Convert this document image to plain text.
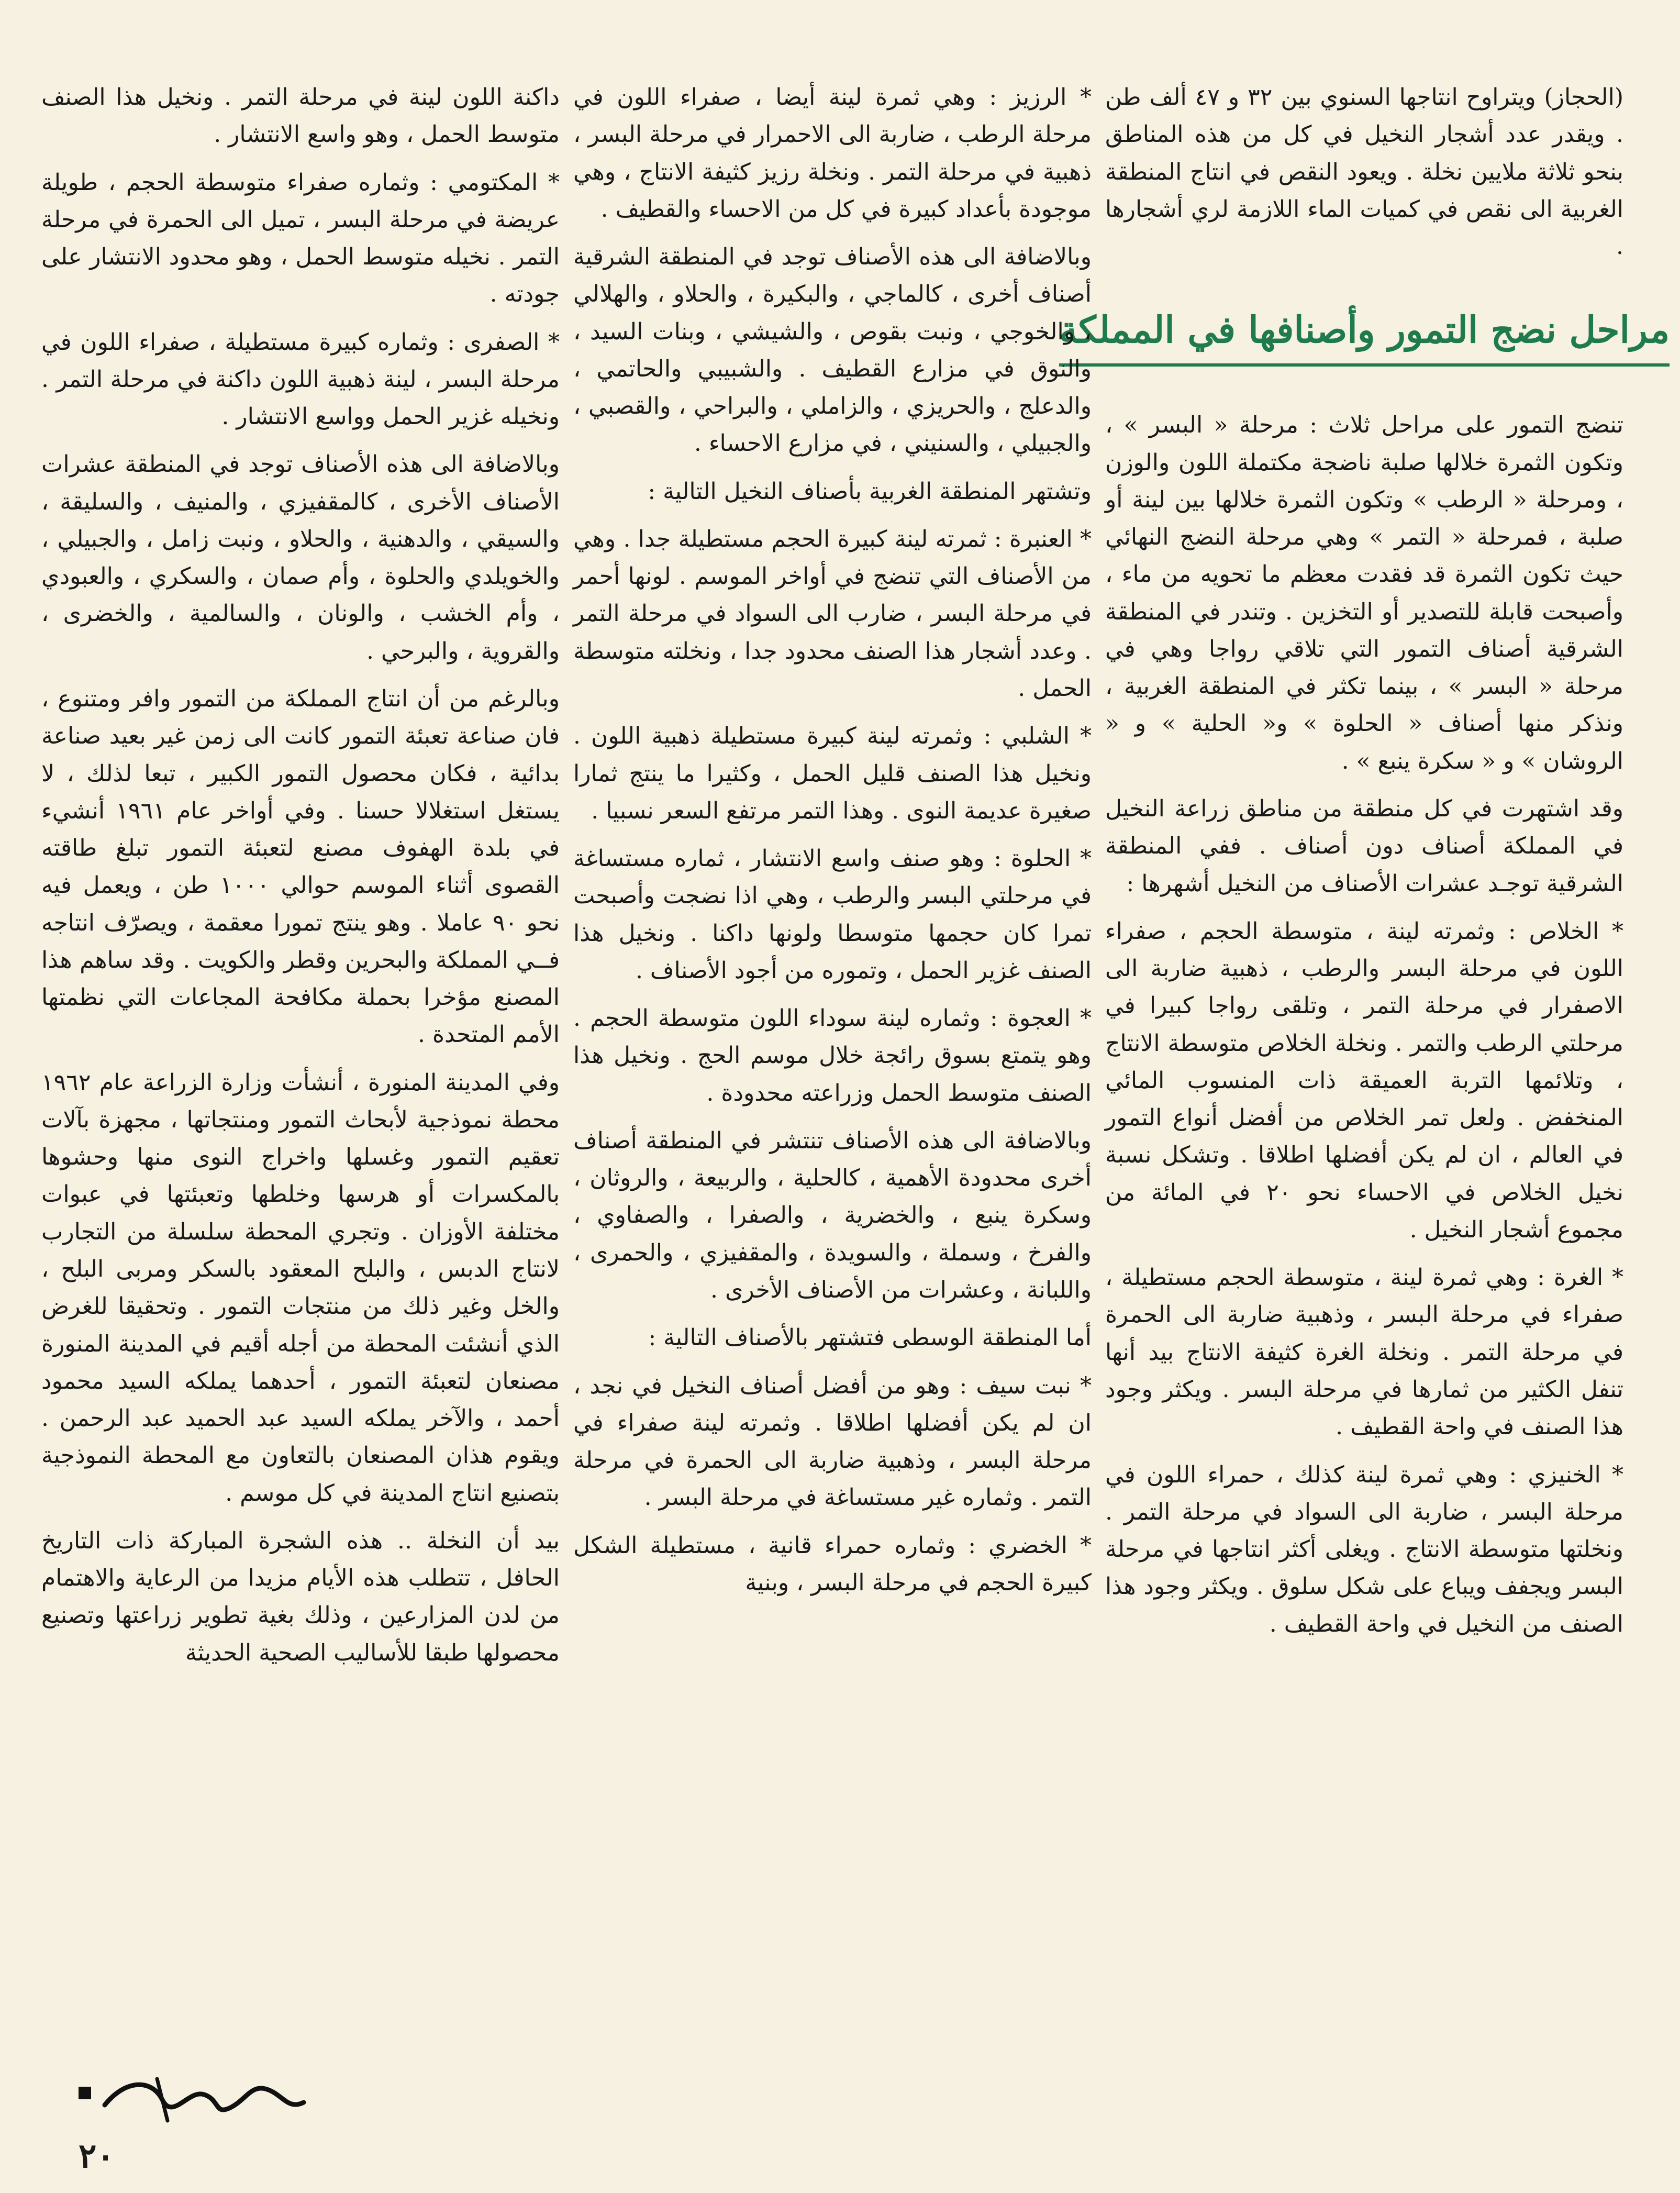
(الحجاز) ويتراوح انتاجها السنوي بين ٣٢ و ٤٧ ألف طن . ويقدر عدد أشجار النخيل في كل من هذه المناطق بنحو ثلاثة ملايين نخلة . ويعود النقص في انتاج المنطقة الغربية الى نقص في كميات الماء اللازمة لري أشجارها .

مراحل نضج التمور وأصنافها في المملكة

تنضج التمور على مراحل ثلاث : مرحلة « البسر » ، وتكون الثمرة خلالها صلبة ناضجة مكتملة اللون والوزن ، ومرحلة « الرطب » وتكون الثمرة خلالها بين لينة أو صلبة ، فمرحلة « التمر » وهي مرحلة النضج النهائي حيث تكون الثمرة قد فقدت معظم ما تحويه من ماء ، وأصبحت قابلة للتصدير أو التخزين . وتندر في المنطقة الشرقية أصناف التمور التي تلاقي رواجا وهي في مرحلة « البسر » ، بينما تكثر في المنطقة الغربية ، ونذكر منها أصناف « الحلوة » و« الحلية » و « الروشان » و « سكرة ينبع » .

وقد اشتهرت في كل منطقة من مناطق زراعة النخيل في المملكة أصناف دون أصناف . ففي المنطقة الشرقية توجـد عشرات الأصناف من النخيل أشهرها :

* الخلاص : وثمرته لينة ، متوسطة الحجم ، صفراء اللون في مرحلة البسر والرطب ، ذهبية ضاربة الى الاصفرار في مرحلة التمر ، وتلقى رواجا كبيرا في مرحلتي الرطب والتمر . ونخلة الخلاص متوسطة الانتاج ، وتلائمها التربة العميقة ذات المنسوب المائي المنخفض . ولعل تمر الخلاص من أفضل أنواع التمور في العالم ، ان لم يكن أفضلها اطلاقا . وتشكل نسبة نخيل الخلاص في الاحساء نحو ٢٠ في المائة من مجموع أشجار النخيل .

* الغرة : وهي ثمرة لينة ، متوسطة الحجم مستطيلة ، صفراء في مرحلة البسر ، وذهبية ضاربة الى الحمرة في مرحلة التمر . ونخلة الغرة كثيفة الانتاج بيد أنها تنفل الكثير من ثمارها في مرحلة البسر . ويكثر وجود هذا الصنف في واحة القطيف .

* الخنيزي : وهي ثمرة لينة كذلك ، حمراء اللون في مرحلة البسر ، ضاربة الى السواد في مرحلة التمر . ونخلتها متوسطة الانتاج . ويغلى أكثر انتاجها في مرحلة البسر ويجفف ويباع على شكل سلوق . ويكثر وجود هذا الصنف من النخيل في واحة القطيف .

* الرزيز : وهي ثمرة لينة أيضا ، صفراء اللون في مرحلة الرطب ، ضاربة الى الاحمرار في مرحلة البسر ، ذهبية في مرحلة التمر . ونخلة رزيز كثيفة الانتاج ، وهي موجودة بأعداد كبيرة في كل من الاحساء والقطيف .

وبالاضافة الى هذه الأصناف توجد في المنطقة الشرقية أصناف أخرى ، كالماجي ، والبكيرة ، والحلاو ، والهلالي ، والخوجي ، ونبت بقوص ، والشيشي ، وبنات السيد ، والنوق في مزارع القطيف . والشبيبي والحاتمي ، والدعلج ، والحريزي ، والزاملي ، والبراحي ، والقصبي ، والجبيلي ، والسنيني ، في مزارع الاحساء .

وتشتهر المنطقة الغربية بأصناف النخيل التالية :

* العنبرة : ثمرته لينة كبيرة الحجم مستطيلة جدا . وهي من الأصناف التي تنضج في أواخر الموسم . لونها أحمر في مرحلة البسر ، ضارب الى السواد في مرحلة التمر . وعدد أشجار هذا الصنف محدود جدا ، ونخلته متوسطة الحمل .

* الشلبي : وثمرته لينة كبيرة مستطيلة ذهبية اللون . ونخيل هذا الصنف قليل الحمل ، وكثيرا ما ينتج ثمارا صغيرة عديمة النوى . وهذا التمر مرتفع السعر نسبيا .

* الحلوة : وهو صنف واسع الانتشار ، ثماره مستساغة في مرحلتي البسر والرطب ، وهي اذا نضجت وأصبحت تمرا كان حجمها متوسطا ولونها داكنا . ونخيل هذا الصنف غزير الحمل ، وتموره من أجود الأصناف .

* العجوة : وثماره لينة سوداء اللون متوسطة الحجم . وهو يتمتع بسوق رائجة خلال موسم الحج . ونخيل هذا الصنف متوسط الحمل وزراعته محدودة .

وبالاضافة الى هذه الأصناف تنتشر في المنطقة أصناف أخرى محدودة الأهمية ، كالحلية ، والربيعة ، والروثان ، وسكرة ينبع ، والخضرية ، والصفرا ، والصفاوي ، والفرخ ، وسملة ، والسويدة ، والمقفيزي ، والحمرى ، واللبانة ، وعشرات من الأصناف الأخرى .

أما المنطقة الوسطى فتشتهر بالأصناف التالية :

* نبت سيف : وهو من أفضل أصناف النخيل في نجد ، ان لم يكن أفضلها اطلاقا . وثمرته لينة صفراء في مرحلة البسر ، وذهبية ضاربة الى الحمرة في مرحلة التمر . وثماره غير مستساغة في مرحلة البسر .

* الخضري : وثماره حمراء قانية ، مستطيلة الشكل كبيرة الحجم في مرحلة البسر ، وبنية

داكنة اللون لينة في مرحلة التمر . ونخيل هذا الصنف متوسط الحمل ، وهو واسع الانتشار .

* المكتومي : وثماره صفراء متوسطة الحجم ، طويلة عريضة في مرحلة البسر ، تميل الى الحمرة في مرحلة التمر . نخيله متوسط الحمل ، وهو محدود الانتشار على جودته .

* الصفرى : وثماره كبيرة مستطيلة ، صفراء اللون في مرحلة البسر ، لينة ذهبية اللون داكنة في مرحلة التمر . ونخيله غزير الحمل وواسع الانتشار .

وبالاضافة الى هذه الأصناف توجد في المنطقة عشرات الأصناف الأخرى ، كالمقفيزي ، والمنيف ، والسليقة ، والسيقي ، والدهنية ، والحلاو ، ونبت زامل ، والجبيلي ، والخويلدي والحلوة ، وأم صمان ، والسكري ، والعبودي ، وأم الخشب ، والونان ، والسالمية ، والخضرى ، والقروية ، والبرحي .

وبالرغم من أن انتاج المملكة من التمور وافر ومتنوع ، فان صناعة تعبئة التمور كانت الى زمن غير بعيد صناعة بدائية ، فكان محصول التمور الكبير ، تبعا لذلك ، لا يستغل استغلالا حسنا . وفي أواخر عام ١٩٦١ أنشيء في بلدة الهفوف مصنع لتعبئة التمور تبلغ طاقته القصوى أثناء الموسم حوالي ١٠٠٠ طن ، ويعمل فيه نحو ٩٠ عاملا . وهو ينتج تمورا معقمة ، ويصرّف انتاجه فــي المملكة والبحرين وقطر والكويت . وقد ساهم هذا المصنع مؤخرا بحملة مكافحة المجاعات التي نظمتها الأمم المتحدة .

وفي المدينة المنورة ، أنشأت وزارة الزراعة عام ١٩٦٢ محطة نموذجية لأبحاث التمور ومنتجاتها ، مجهزة بآلات تعقيم التمور وغسلها واخراج النوى منها وحشوها بالمكسرات أو هرسها وخلطها وتعبئتها في عبوات مختلفة الأوزان . وتجري المحطة سلسلة من التجارب لانتاج الدبس ، والبلح المعقود بالسكر ومربى البلح ، والخل وغير ذلك من منتجات التمور . وتحقيقا للغرض الذي أنشئت المحطة من أجله أقيم في المدينة المنورة مصنعان لتعبئة التمور ، أحدهما يملكه السيد محمود أحمد ، والآخر يملكه السيد عبد الحميد عبد الرحمن . ويقوم هذان المصنعان بالتعاون مع المحطة النموذجية بتصنيع انتاج المدينة في كل موسم .

بيد أن النخلة .. هذه الشجرة المباركة ذات التاريخ الحافل ، تتطلب هذه الأيام مزيدا من الرعاية والاهتمام من لدن المزارعين ، وذلك بغية تطوير زراعتها وتصنيع محصولها طبقا للأساليب الصحية الحديثة

٢٠
